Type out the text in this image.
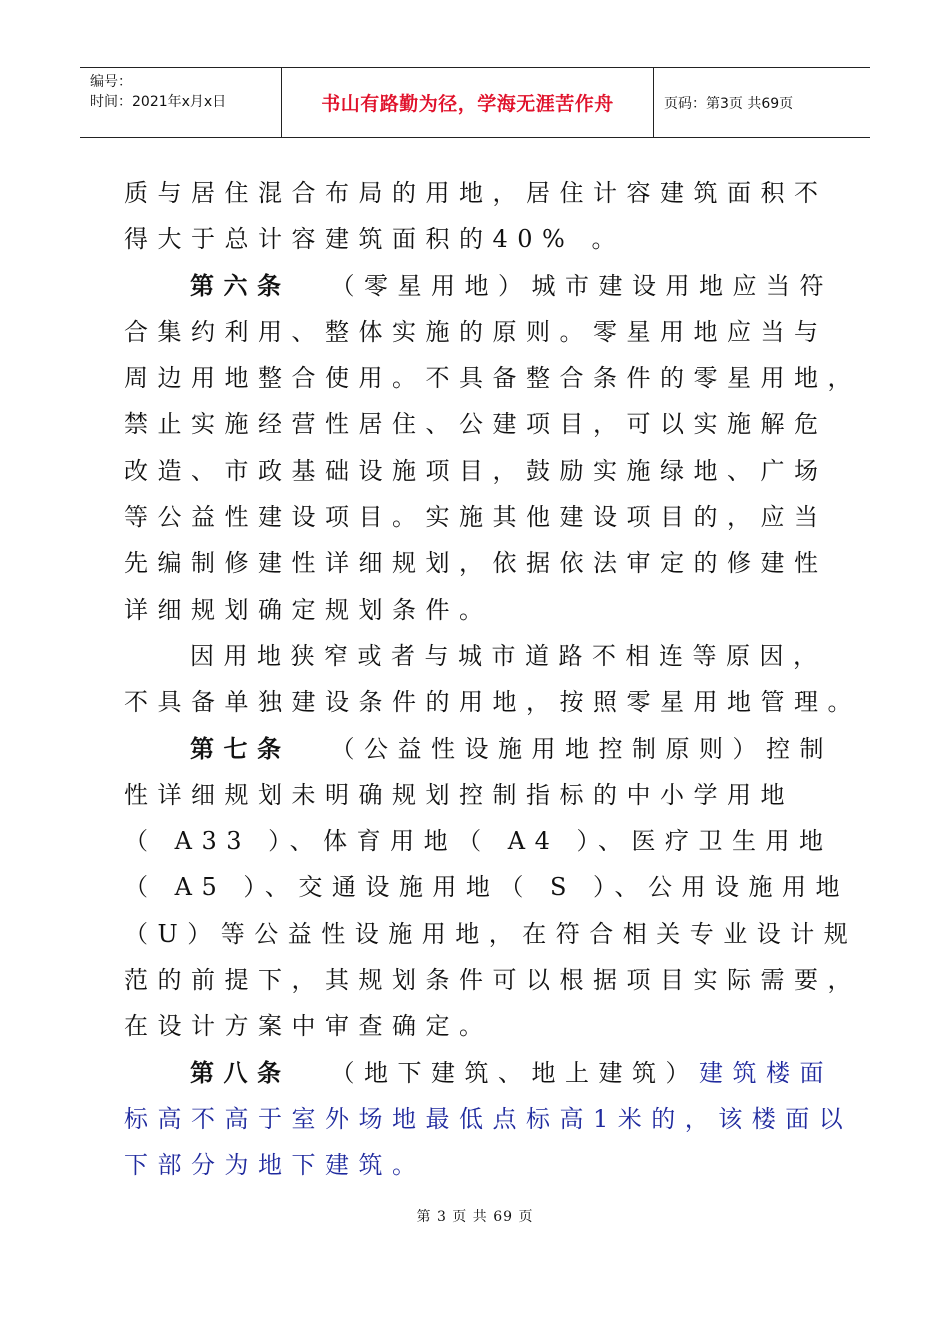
编号：
时间：2021年x月x日	书山有路勤为径，学海无涯苦作舟	页码：第3页 共69页
质与居住混合布局的用地，居住计容建筑面积不
得大于总计容建筑面积的40% 。
第六条 （零星用地）城市建设用地应当符
合集约利用、整体实施的原则。零星用地应当与
周边用地整合使用。不具备整合条件的零星用地，
禁止实施经营性居住、公建项目，可以实施解危
改造、市政基础设施项目，鼓励实施绿地、广场
等公益性建设项目。实施其他建设项目的，应当
先编制修建性详细规划，依据依法审定的修建性
详细规划确定规划条件。
因用地狭窄或者与城市道路不相连等原因，
不具备单独建设条件的用地，按照零星用地管理。
第七条 （公益性设施用地控制原则）控制
性详细规划未明确规划控制指标的中小学用地
（ A33 ）、体育用地（ A4 ）、医疗卫生用地
（ A5 ）、交通设施用地（ S ）、公用设施用地
（U）等公益性设施用地，在符合相关专业设计规
范的前提下，其规划条件可以根据项目实际需要，
在设计方案中审查确定。
第八条 （地下建筑、地上建筑）建筑楼面
标高不高于室外场地最低点标高1米的，该楼面以
下部分为地下建筑。
第 3 页 共 69 页
